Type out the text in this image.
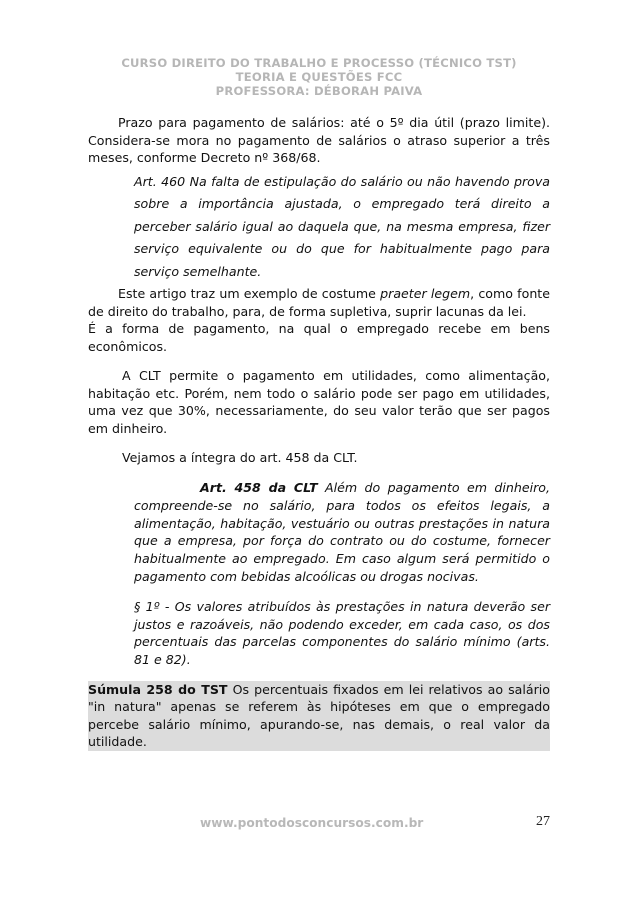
CURSO DIREITO DO TRABALHO E PROCESSO (TÉCNICO TST)
TEORIA E QUESTÕES FCC
PROFESSORA: DÉBORAH PAIVA

Prazo para pagamento de salários: até o 5º dia útil (prazo limite). Considera-se mora no pagamento de salários o atraso superior a três meses, conforme Decreto nº 368/68.

Art. 460 Na falta de estipulação do salário ou não havendo prova sobre a importância ajustada, o empregado terá direito a perceber salário igual ao daquela que, na mesma empresa, fizer serviço equivalente ou do que for habitualmente pago para serviço semelhante.

Este artigo traz um exemplo de costume praeter legem, como fonte de direito do trabalho, para, de forma supletiva, suprir lacunas da lei.

É a forma de pagamento, na qual o empregado recebe em bens econômicos.

A CLT permite o pagamento em utilidades, como alimentação, habitação etc. Porém, nem todo o salário pode ser pago em utilidades, uma vez que 30%, necessariamente, do seu valor terão que ser pagos em dinheiro.

Vejamos a íntegra do art. 458 da CLT.

Art. 458 da CLT Além do pagamento em dinheiro, compreende-se no salário, para todos os efeitos legais, a alimentação, habitação, vestuário ou outras prestações in natura que a empresa, por força do contrato ou do costume, fornecer habitualmente ao empregado. Em caso algum será permitido o pagamento com bebidas alcoólicas ou drogas nocivas.
§ 1º - Os valores atribuídos às prestações in natura deverão ser justos e razoáveis, não podendo exceder, em cada caso, os dos percentuais das parcelas componentes do salário mínimo (arts. 81 e 82).

Súmula 258 do TST Os percentuais fixados em lei relativos ao salário "in natura" apenas se referem às hipóteses em que o empregado percebe salário mínimo, apurando-se, nas demais, o real valor da utilidade.

www.pontodosconcursos.com.br	27
